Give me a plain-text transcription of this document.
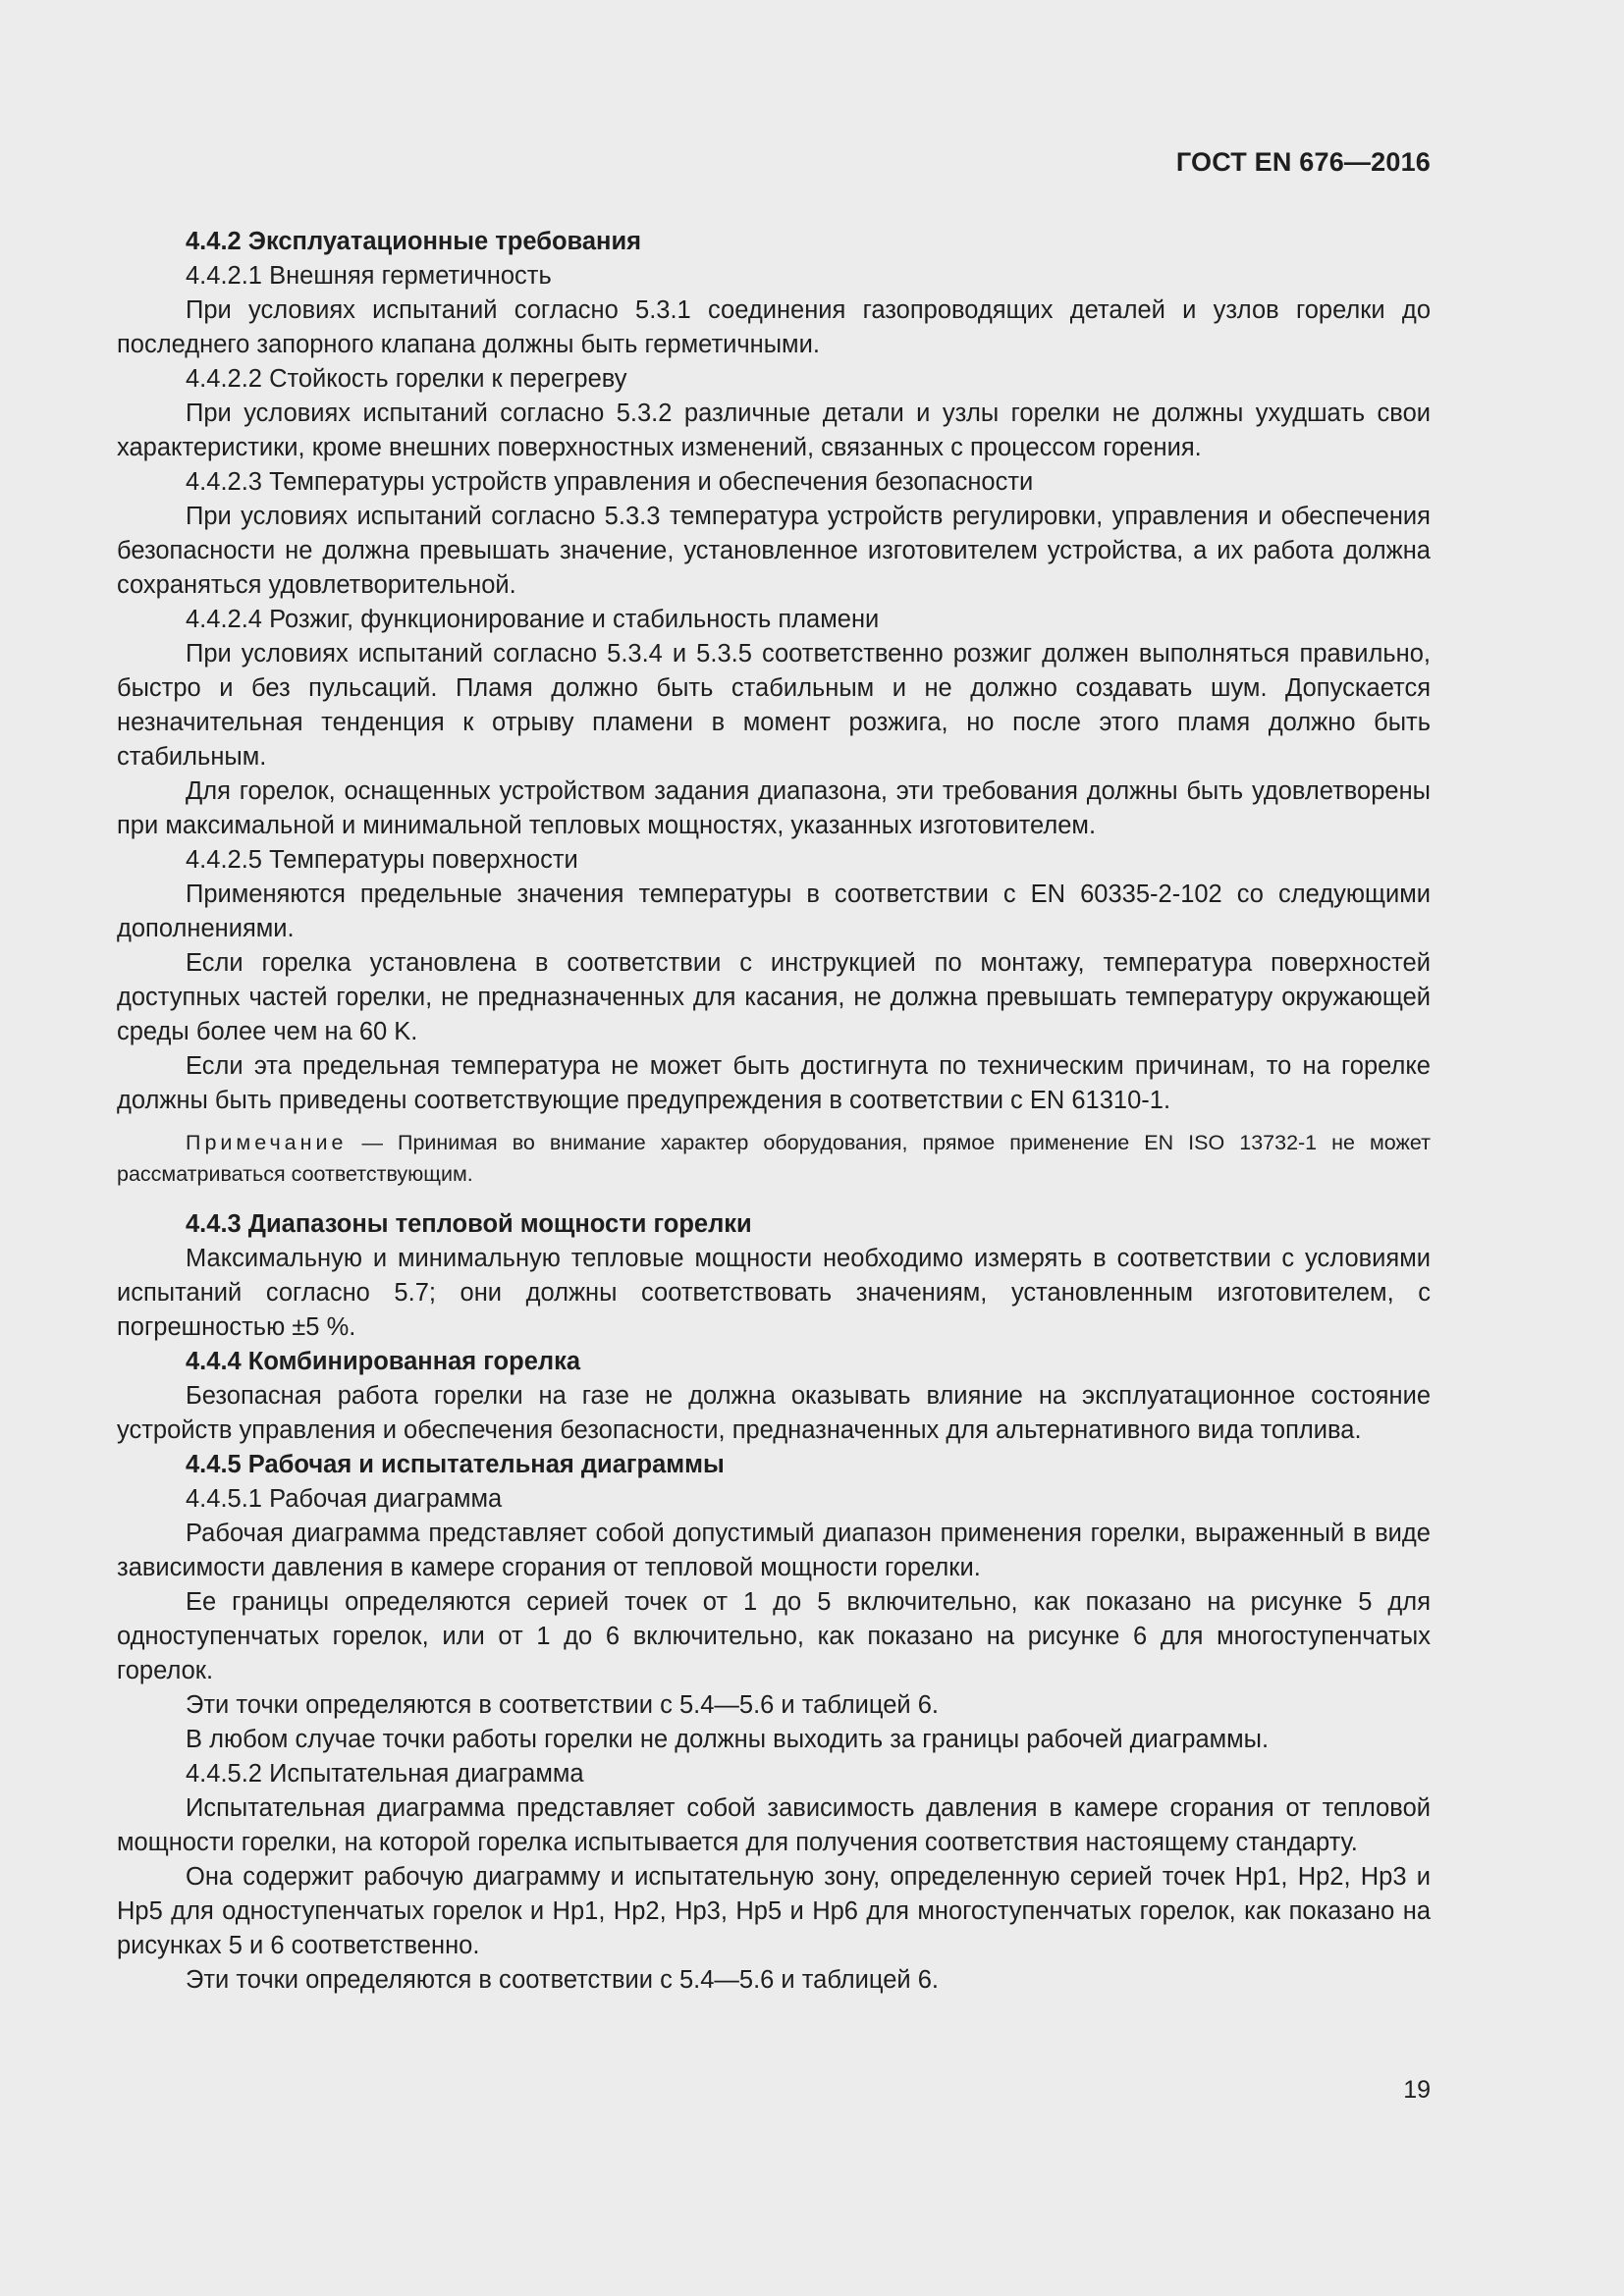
ГОСТ EN 676—2016

4.4.2 Эксплуатационные требования

4.4.2.1 Внешняя герметичность

При условиях испытаний согласно 5.3.1 соединения газопроводящих деталей и узлов горелки до последнего запорного клапана должны быть герметичными.

4.4.2.2 Стойкость горелки к перегреву

При условиях испытаний согласно 5.3.2 различные детали и узлы горелки не должны ухудшать свои характеристики, кроме внешних поверхностных изменений, связанных с процессом горения.

4.4.2.3 Температуры устройств управления и обеспечения безопасности

При условиях испытаний согласно 5.3.3 температура устройств регулировки, управления и обеспечения безопасности не должна превышать значение, установленное изготовителем устройства, а их работа должна сохраняться удовлетворительной.

4.4.2.4 Розжиг, функционирование и стабильность пламени

При условиях испытаний согласно 5.3.4 и 5.3.5 соответственно розжиг должен выполняться правильно, быстро и без пульсаций. Пламя должно быть стабильным и не должно создавать шум. Допускается незначительная тенденция к отрыву пламени в момент розжига, но после этого пламя должно быть стабильным.

Для горелок, оснащенных устройством задания диапазона, эти требования должны быть удовлетворены при максимальной и минимальной тепловых мощностях, указанных изготовителем.

4.4.2.5 Температуры поверхности

Применяются предельные значения температуры в соответствии с EN 60335-2-102 со следующими дополнениями.

Если горелка установлена в соответствии с инструкцией по монтажу, температура поверхностей доступных частей горелки, не предназначенных для касания, не должна превышать температуру окружающей среды более чем на 60 K.

Если эта предельная температура не может быть достигнута по техническим причинам, то на горелке должны быть приведены соответствующие предупреждения в соответствии с EN 61310-1.

Примечание — Принимая во внимание характер оборудования, прямое применение EN ISO 13732-1 не может рассматриваться соответствующим.

4.4.3 Диапазоны тепловой мощности горелки

Максимальную и минимальную тепловые мощности необходимо измерять в соответствии с условиями испытаний согласно 5.7; они должны соответствовать значениям, установленным изготовителем, с погрешностью ±5 %.

4.4.4 Комбинированная горелка

Безопасная работа горелки на газе не должна оказывать влияние на эксплуатационное состояние устройств управления и обеспечения безопасности, предназначенных для альтернативного вида топлива.

4.4.5 Рабочая и испытательная диаграммы

4.4.5.1 Рабочая диаграмма

Рабочая диаграмма представляет собой допустимый диапазон применения горелки, выраженный в виде зависимости давления в камере сгорания от тепловой мощности горелки.

Ее границы определяются серией точек от 1 до 5 включительно, как показано на рисунке 5 для одноступенчатых горелок, или от 1 до 6 включительно, как показано на рисунке 6 для многоступенчатых горелок.

Эти точки определяются в соответствии с 5.4—5.6 и таблицей 6.

В любом случае точки работы горелки не должны выходить за границы рабочей диаграммы.

4.4.5.2 Испытательная диаграмма

Испытательная диаграмма представляет собой зависимость давления в камере сгорания от тепловой мощности горелки, на которой горелка испытывается для получения соответствия настоящему стандарту.

Она содержит рабочую диаграмму и испытательную зону, определенную серией точек Hp1, Hp2, Hp3 и Hp5 для одноступенчатых горелок и Hp1, Hp2, Hp3, Hp5 и Hp6 для многоступенчатых горелок, как показано на рисунках 5 и 6 соответственно.

Эти точки определяются в соответствии с 5.4—5.6 и таблицей 6.

19
